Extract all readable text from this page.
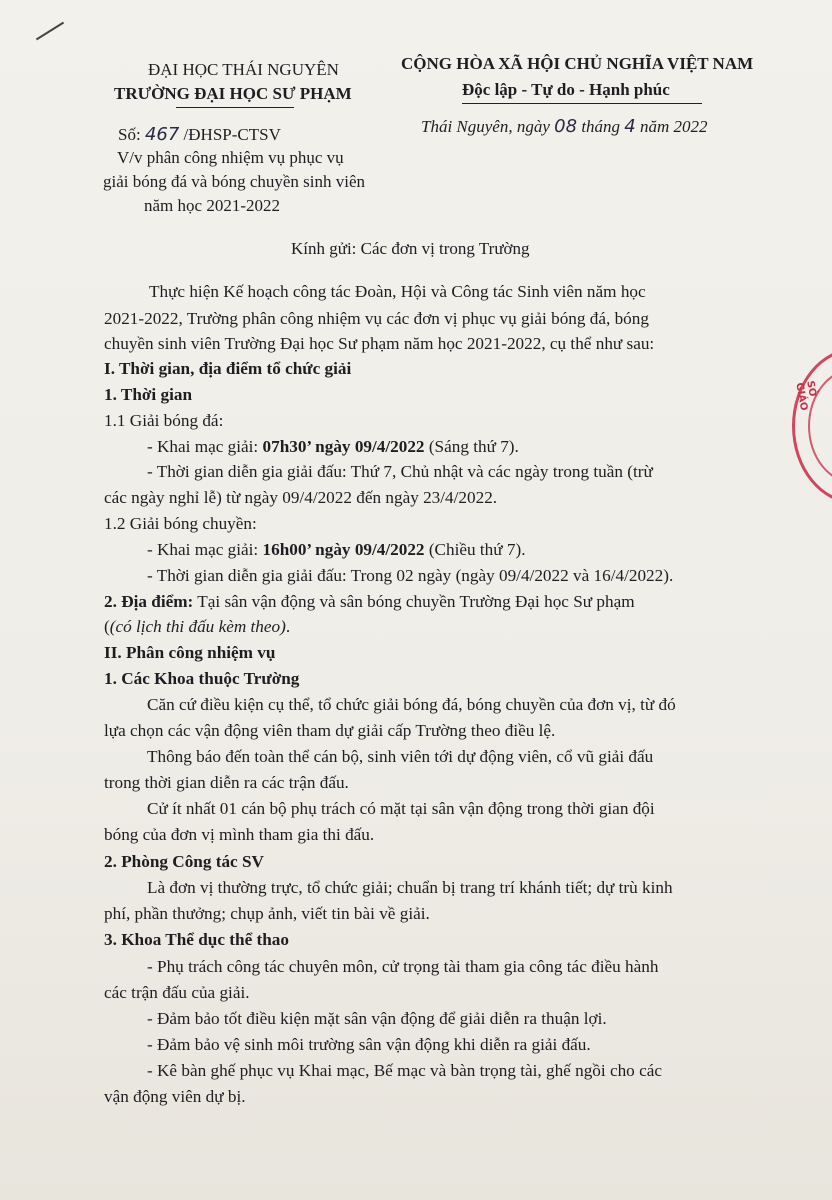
ĐẠI HỌC THÁI NGUYÊN
TRƯỜNG ĐẠI HỌC SƯ PHẠM
CỘNG HÒA XÃ HỘI CHỦ NGHĨA VIỆT NAM
Độc lập - Tự do - Hạnh phúc
Số: 467 /ĐHSP-CTSV	Thái Nguyên, ngày 08 tháng 4 năm 2022
V/v phân công nhiệm vụ phục vụ
giải bóng đá và bóng chuyền sinh viên
năm học 2021-2022
Kính gửi: Các đơn vị trong Trường
Thực hiện Kế hoạch công tác Đoàn, Hội và Công tác Sinh viên năm học
2021-2022, Trường phân công nhiệm vụ các đơn vị phục vụ giải bóng đá, bóng
chuyền sinh viên Trường Đại học Sư phạm năm học 2021-2022, cụ thể như sau:
I. Thời gian, địa điểm tổ chức giải
1. Thời gian
1.1 Giải bóng đá:
- Khai mạc giải: 07h30’ ngày 09/4/2022 (Sáng thứ 7).
- Thời gian diễn gia giải đấu: Thứ 7, Chủ nhật và các ngày trong tuần (trừ
các ngày nghỉ lễ) từ ngày 09/4/2022 đến ngày 23/4/2022.
1.2 Giải bóng chuyền:
- Khai mạc giải: 16h00’ ngày 09/4/2022 (Chiều thứ 7).
- Thời gian diễn gia giải đấu: Trong 02 ngày (ngày 09/4/2022 và 16/4/2022).
2. Địa điểm: Tại sân vận động và sân bóng chuyền Trường Đại học Sư phạm
((có lịch thi đấu kèm theo).
II. Phân công nhiệm vụ
1. Các Khoa thuộc Trường
Căn cứ điều kiện cụ thể, tổ chức giải bóng đá, bóng chuyền của đơn vị, từ đó
lựa chọn các vận động viên tham dự giải cấp Trường theo điều lệ.
Thông báo đến toàn thể cán bộ, sinh viên tới dự động viên, cổ vũ giải đấu
trong thời gian diễn ra các trận đấu.
Cử ít nhất 01 cán bộ phụ trách có mặt tại sân vận động trong thời gian đội
bóng của đơn vị mình tham gia thi đấu.
2. Phòng Công tác SV
Là đơn vị thường trực, tổ chức giải; chuẩn bị trang trí khánh tiết; dự trù kinh
phí, phần thưởng; chụp ảnh, viết tin bài về giải.
3. Khoa Thể dục thể thao
- Phụ trách công tác chuyên môn, cử trọng tài tham gia công tác điều hành
các trận đấu của giải.
- Đảm bảo tốt điều kiện mặt sân vận động để giải diễn ra thuận lợi.
- Đảm bảo vệ sinh môi trường sân vận động khi diễn ra giải đấu.
- Kê bàn ghế phục vụ Khai mạc, Bế mạc và bàn trọng tài, ghế ngồi cho các
vận động viên dự bị.
SỞ GIÁO
